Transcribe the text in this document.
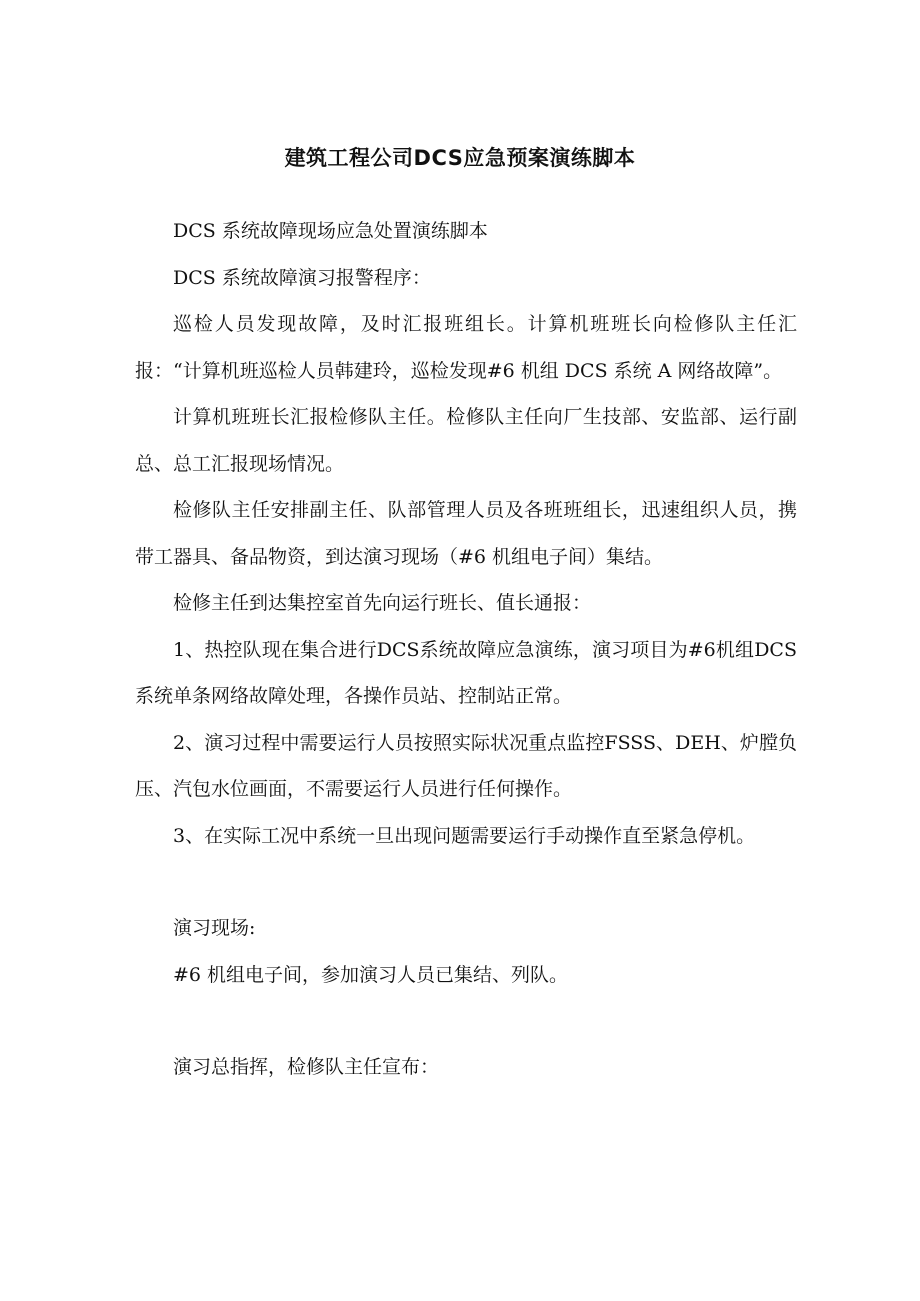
建筑工程公司DCS应急预案演练脚本

DCS 系统故障现场应急处置演练脚本

DCS 系统故障演习报警程序：

巡检人员发现故障，及时汇报班组长。计算机班班长向检修队主任汇报：“计算机班巡检人员韩建玲，巡检发现#6 机组 DCS 系统 A 网络故障”。

计算机班班长汇报检修队主任。检修队主任向厂生技部、安监部、运行副总、总工汇报现场情况。

检修队主任安排副主任、队部管理人员及各班班组长，迅速组织人员，携带工器具、备品物资，到达演习现场（#6 机组电子间）集结。

检修主任到达集控室首先向运行班长、值长通报：

1、热控队现在集合进行DCS系统故障应急演练，演习项目为#6机组DCS系统单条网络故障处理，各操作员站、控制站正常。

2、演习过程中需要运行人员按照实际状况重点监控FSSS、DEH、炉膛负压、汽包水位画面，不需要运行人员进行任何操作。

3、在实际工况中系统一旦出现问题需要运行手动操作直至紧急停机。

演习现场:

#6 机组电子间，参加演习人员已集结、列队。

演习总指挥，检修队主任宣布：
